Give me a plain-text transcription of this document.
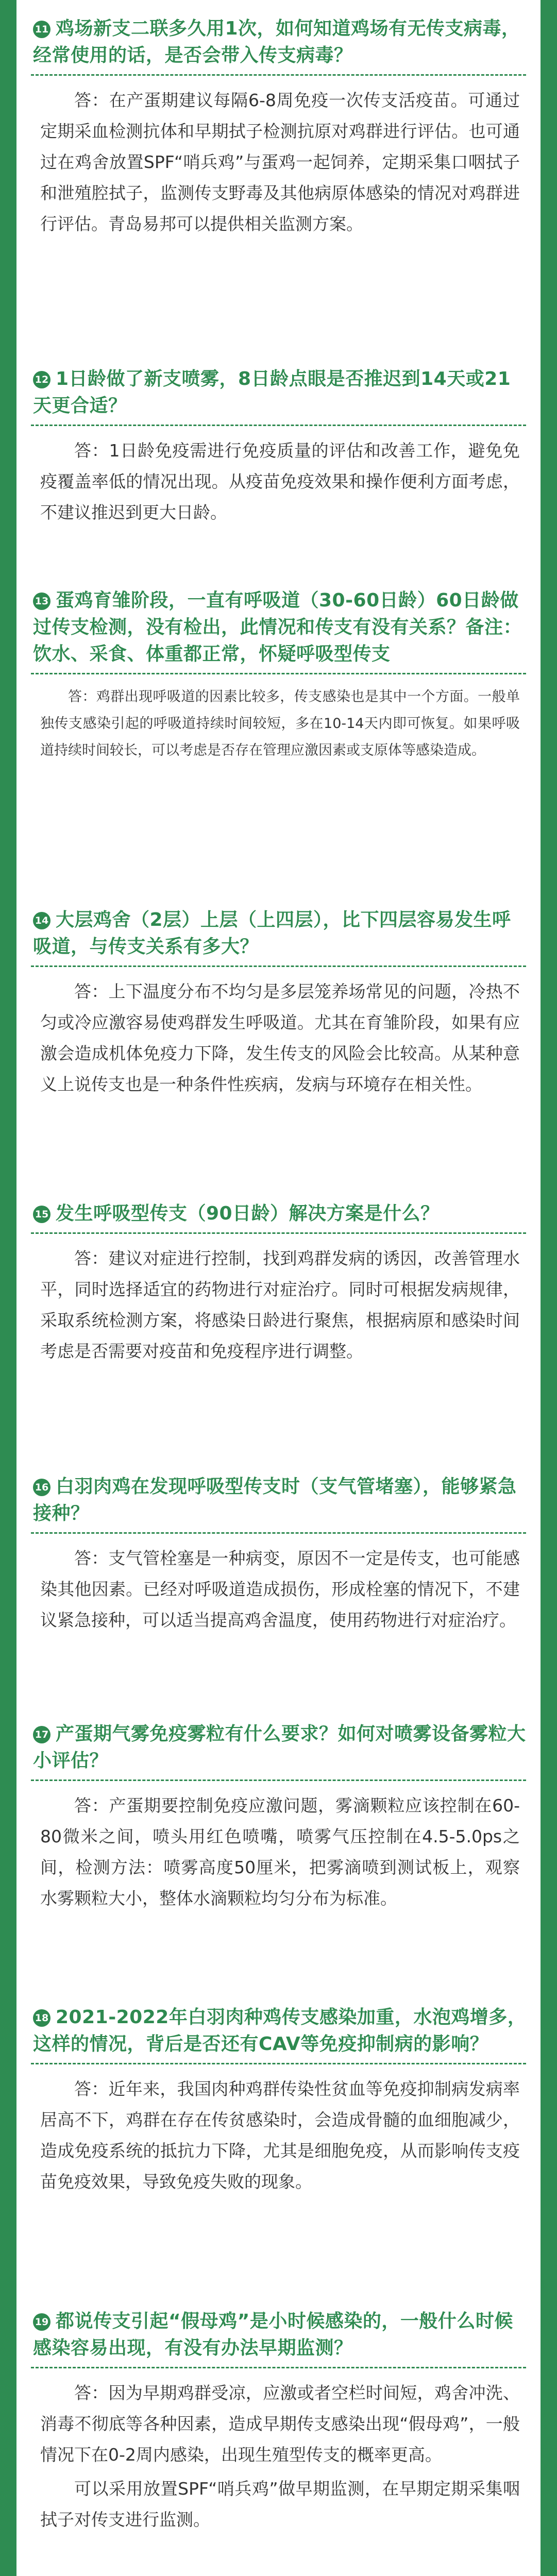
11 鸡场新支二联多久用1次，如何知道鸡场有无传支病毒，经常使用的话，是否会带入传支病毒？
答：在产蛋期建议每隔6-8周免疫一次传支活疫苗。可通过定期采血检测抗体和早期拭子检测抗原对鸡群进行评估。也可通过在鸡舍放置SPF“哨兵鸡”与蛋鸡一起饲养，定期采集口咽拭子和泄殖腔拭子，监测传支野毒及其他病原体感染的情况对鸡群进行评估。青岛易邦可以提供相关监测方案。
12 1日龄做了新支喷雾，8日龄点眼是否推迟到14天或21天更合适？
答：1日龄免疫需进行免疫质量的评估和改善工作，避免免疫覆盖率低的情况出现。从疫苗免疫效果和操作便利方面考虑，不建议推迟到更大日龄。
13 蛋鸡育雏阶段，一直有呼吸道（30-60日龄）60日龄做过传支检测，没有检出，此情况和传支有没有关系？备注：饮水、采食、体重都正常，怀疑呼吸型传支
答：鸡群出现呼吸道的因素比较多，传支感染也是其中一个方面。一般单独传支感染引起的呼吸道持续时间较短，多在10-14天内即可恢复。如果呼吸道持续时间较长，可以考虑是否存在管理应激因素或支原体等感染造成。
14 大层鸡舍（2层）上层（上四层），比下四层容易发生呼吸道，与传支关系有多大？
答：上下温度分布不均匀是多层笼养场常见的问题，冷热不匀或冷应激容易使鸡群发生呼吸道。尤其在育雏阶段，如果有应激会造成机体免疫力下降，发生传支的风险会比较高。从某种意义上说传支也是一种条件性疾病，发病与环境存在相关性。
15 发生呼吸型传支（90日龄）解决方案是什么？
答：建议对症进行控制，找到鸡群发病的诱因，改善管理水平，同时选择适宜的药物进行对症治疗。同时可根据发病规律，采取系统检测方案，将感染日龄进行聚焦，根据病原和感染时间考虑是否需要对疫苗和免疫程序进行调整。
16 白羽肉鸡在发现呼吸型传支时（支气管堵塞），能够紧急接种？
答：支气管栓塞是一种病变，原因不一定是传支，也可能感染其他因素。已经对呼吸道造成损伤，形成栓塞的情况下，不建议紧急接种，可以适当提高鸡舍温度，使用药物进行对症治疗。
17 产蛋期气雾免疫雾粒有什么要求？如何对喷雾设备雾粒大小评估？
答：产蛋期要控制免疫应激问题，雾滴颗粒应该控制在60-80微米之间，喷头用红色喷嘴，喷雾气压控制在4.5-5.0ps之间，检测方法：喷雾高度50厘米，把雾滴喷到测试板上，观察水雾颗粒大小，整体水滴颗粒均匀分布为标准。
18 2021-2022年白羽肉种鸡传支感染加重，水泡鸡增多，这样的情况，背后是否还有CAV等免疫抑制病的影响？
答：近年来，我国肉种鸡群传染性贫血等免疫抑制病发病率居高不下，鸡群在存在传贫感染时，会造成骨髓的血细胞减少，造成免疫系统的抵抗力下降，尤其是细胞免疫，从而影响传支疫苗免疫效果，导致免疫失败的现象。
19 都说传支引起“假母鸡”是小时候感染的，一般什么时候感染容易出现，有没有办法早期监测？
答：因为早期鸡群受凉，应激或者空栏时间短，鸡舍冲洗、消毒不彻底等各种因素，造成早期传支感染出现“假母鸡”，一般情况下在0-2周内感染，出现生殖型传支的概率更高。
可以采用放置SPF“哨兵鸡”做早期监测，在早期定期采集咽拭子对传支进行监测。
